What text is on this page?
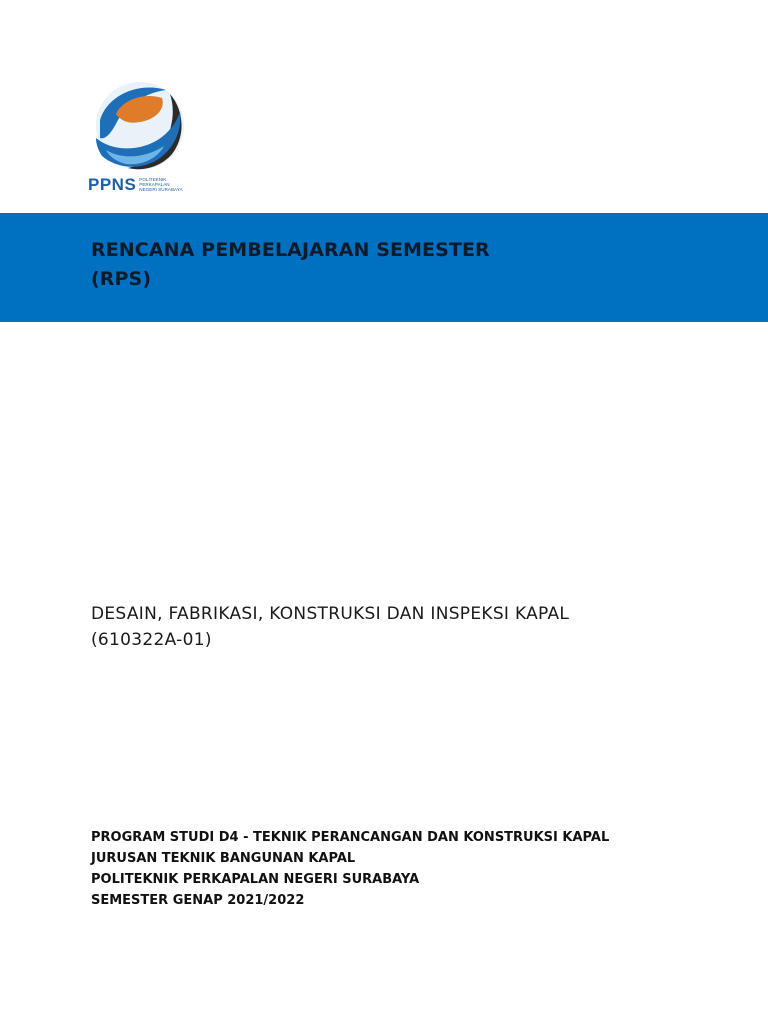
PPNS POLITEKNIK
PERKAPALAN
NEGERI SURABAYA
RENCANA PEMBELAJARAN SEMESTER
(RPS)
DESAIN, FABRIKASI, KONSTRUKSI DAN INSPEKSI KAPAL
(610322A-01)
PROGRAM STUDI D4 - TEKNIK PERANCANGAN DAN KONSTRUKSI KAPAL
JURUSAN TEKNIK BANGUNAN KAPAL
POLITEKNIK PERKAPALAN NEGERI SURABAYA
SEMESTER GENAP 2021/2022
